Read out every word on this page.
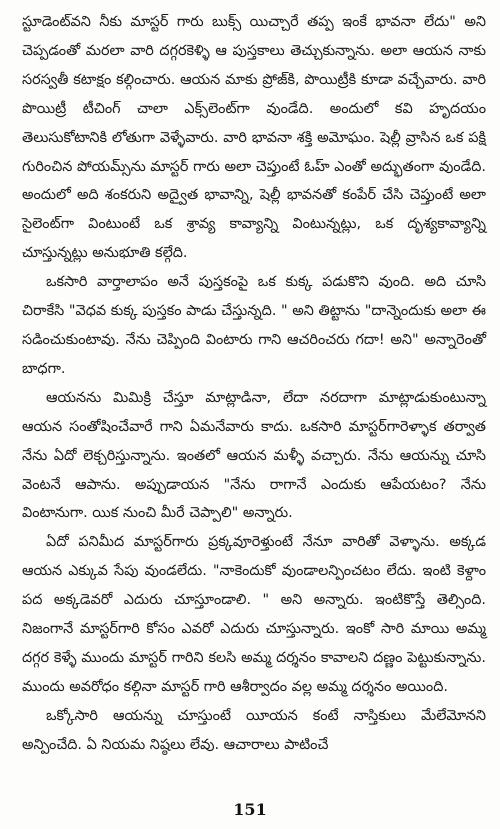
స్టూడెంట్‌వని నీకు మాస్టర్ గారు బుక్స్ యిచ్చారే తప్ప ఇంకే భావనా లేదు" అని చెప్పడంతో మరలా వారి దగ్గరకెళ్ళి ఆ పుస్తకాలు తెచ్చుకున్నాను. అలా ఆయన నాకు సరస్వతీ కటాక్షం కల్గించారు. ఆయన మాకు ప్రోజ్‌కి, పొయిట్రీకి కూడా వచ్చేవారు. వారి పొయిట్రీ టీచింగ్ చాలా ఎక్స్‌లెంట్‌గా వుండేది. అందులో కవి హృదయం తెలుసుకోటానికి లోతుగా వెళ్ళేవారు. వారి భావనా శక్తి అమోఘం. షెల్లీ వ్రాసిన ఒక పక్షి గురించిన పోయమ్స్‌ను మాస్టర్ గారు అలా చెప్తుంటే ఓహ్ ఎంతో అద్భుతంగా వుండేది. అందులో అది శంకరుని అద్వైత భావాన్ని, షెల్లీ భావనతో కంపేర్ చేసి చెప్తుంటే అలా సైలెంట్‌గా వింటుంటే ఒక శ్రావ్య కావ్యాన్ని వింటున్నట్లు, ఒక దృశ్యకావ్యాన్ని చూస్తున్నట్లు అనుభూతి కల్గేది.

ఒకసారి వార్తాలాపం అనే పుస్తకంపై ఒక కుక్క పడుకొని వుంది. అది చూసి చిరాకేసి "వెధవ కుక్క పుస్తకం పాడు చేస్తున్నది. " అని తిట్టాను "దాన్నెందుకు అలా ఈ సడించుకుంటావు. నేను చెప్పింది వింటారు గాని ఆచరించరు గదా! అని" అన్నారెంతో బాధగా.

ఆయనను మిమిక్రి చేస్తూ మాట్లాడినా, లేదా నరదాగా మాట్లాడుకుంటున్నా ఆయన సంతోషించేవారే గాని ఏమనేవారు కాదు. ఒకసారి మాస్టర్‌గారెళ్ళాక తర్వాత నేను ఏదో లెక్చరిస్తున్నాను. ఇంతలో ఆయన మళ్ళీ వచ్చారు. నేను ఆయన్ను చూసి వెంటనే ఆపాను. అప్పుడాయన "నేను రాగానే ఎందుకు ఆపేయటం? నేను వింటానుగా. యిక నుంచి మీరే చెప్పాలి" అన్నారు.

ఏదో పనిమీద మాస్టర్‌గారు ప్రక్కవూరెళ్తుంటే నేనూ వారితో వెళ్ళాను. అక్కడ ఆయన ఎక్కువ సేపు వుండలేదు. "నాకెందుకో వుండాలన్పించటం లేదు. ఇంటి కెళ్దాం పద అక్కడెవరో ఎదురు చూస్తూండాలి. " అని అన్నారు. ఇంటికొస్తే తెల్సింది. నిజంగానే మాస్టర్‌గారి కోసం ఎవరో ఎదురు చూస్తున్నారు. ఇంకో సారి మాయి అమ్మ దగ్గర కెళ్ళే ముందు మాస్టర్ గారిని కలసి అమ్మ దర్శనం కావాలని దణ్ణం పెట్టుకున్నాను. ముందు అవరోధం కల్గినా మాస్టర్ గారి ఆశీర్వాదం వల్ల అమ్మ దర్శనం అయింది.

ఒక్కోసారి ఆయన్ను చూస్తుంటే యీయన కంటే నాస్తికులు మేలేమోనని అన్పించేది. ఏ నియమ నిష్ఠలు లేవు. ఆచారాలు పాటించే

151
